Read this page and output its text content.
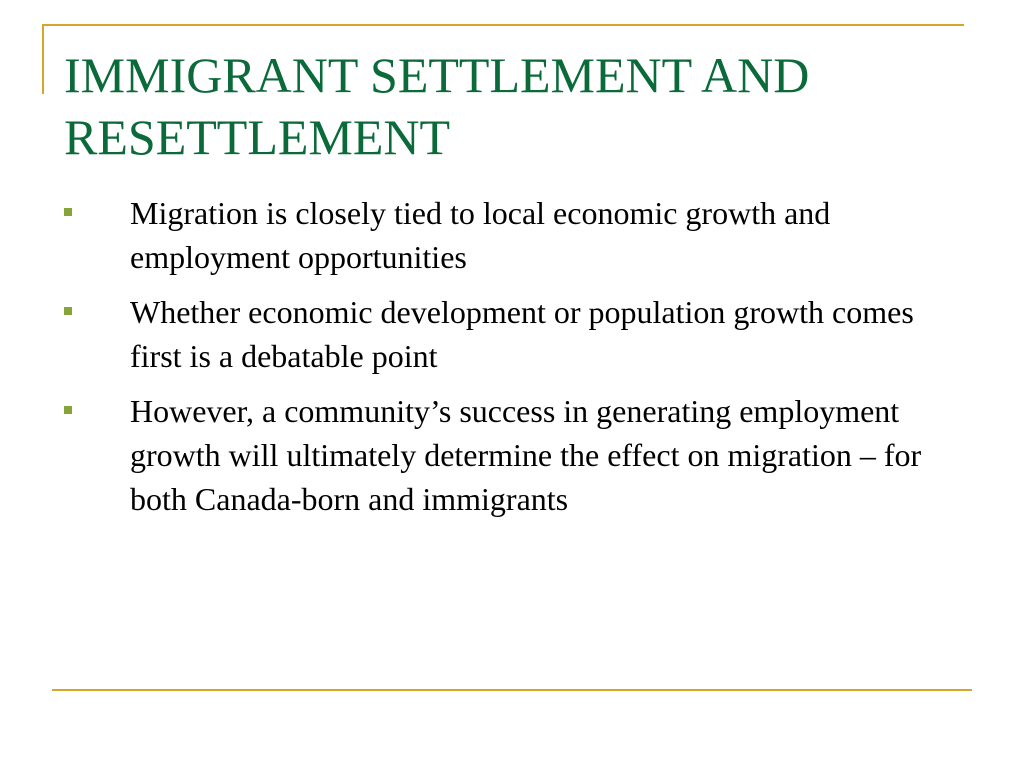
IMMIGRANT SETTLEMENT AND RESETTLEMENT
Migration is closely tied to local economic growth and employment opportunities
Whether economic development or population growth comes first is a debatable point
However, a community’s success in generating employment growth will ultimately determine the effect on migration – for both Canada-born and immigrants
